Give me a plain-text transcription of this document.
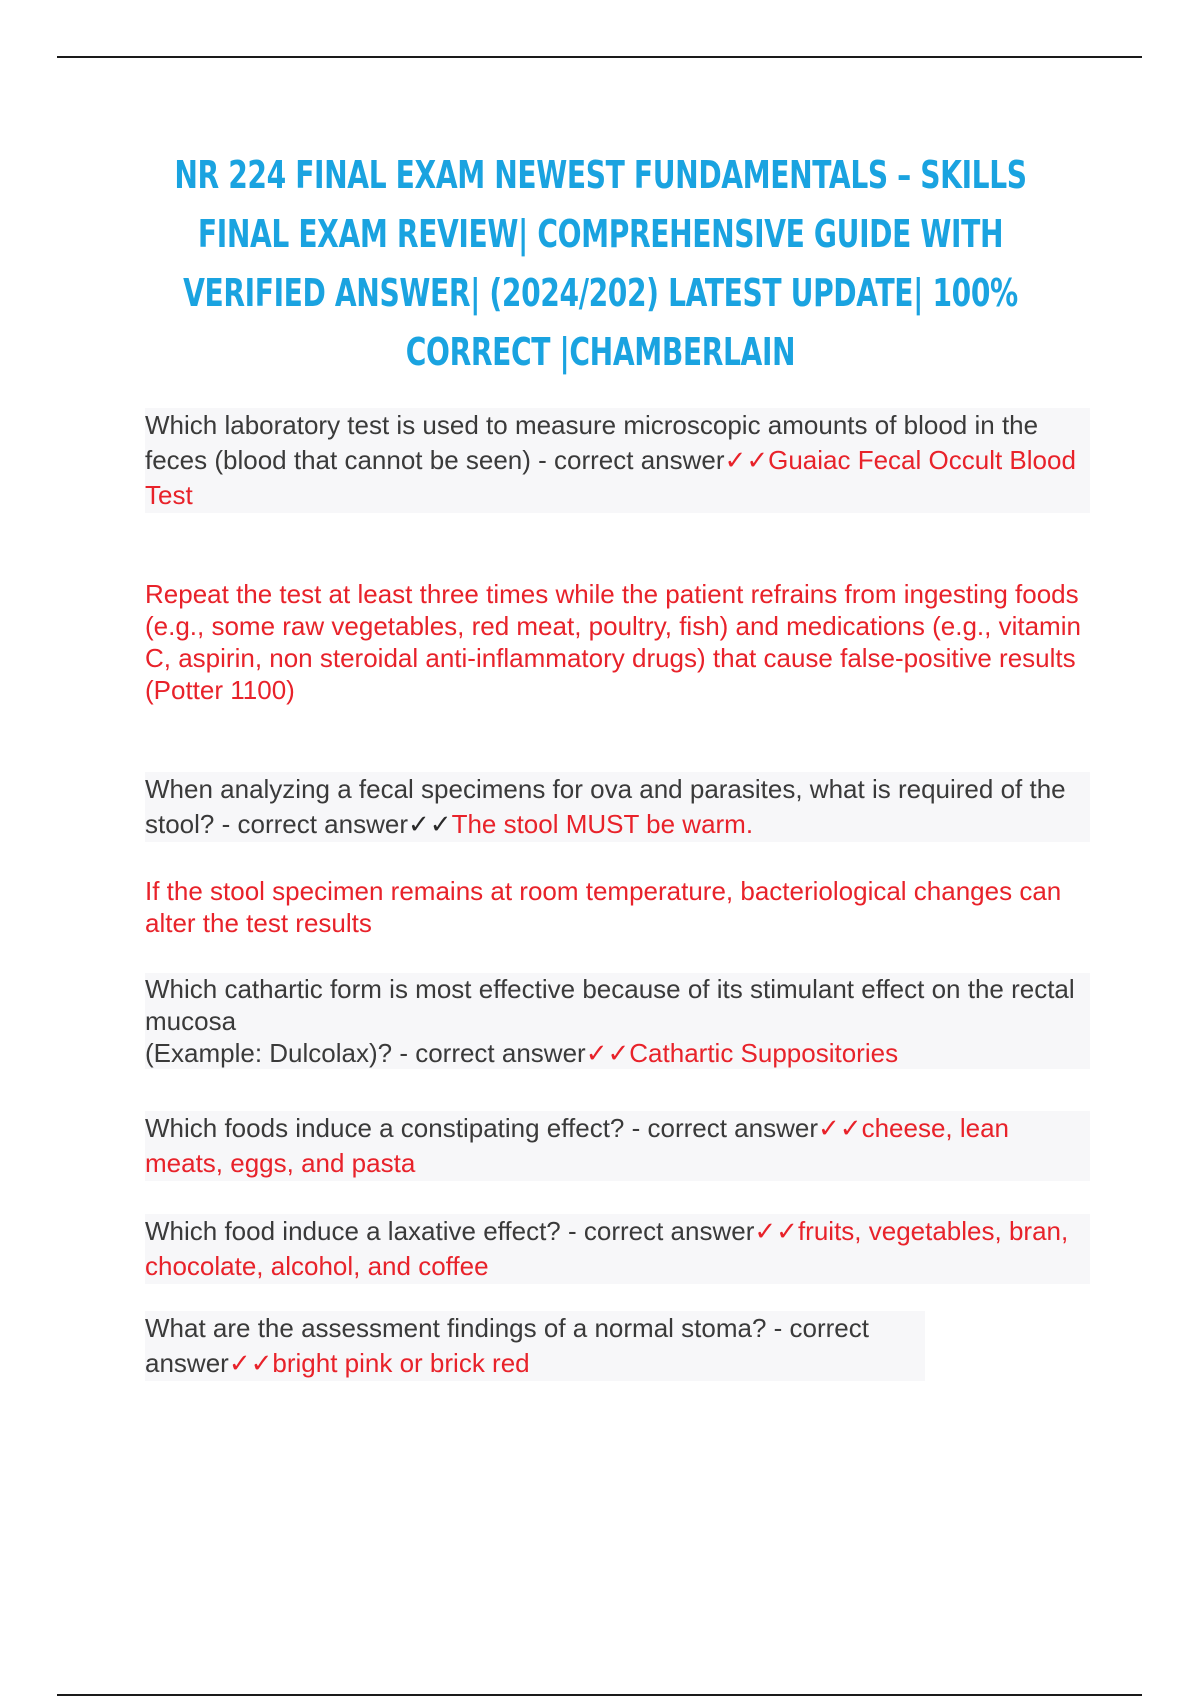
NR 224 FINAL EXAM NEWEST FUNDAMENTALS – SKILLS FINAL EXAM REVIEW| COMPREHENSIVE GUIDE WITH VERIFIED ANSWER| (2024/202) LATEST UPDATE| 100% CORRECT |CHAMBERLAIN

Which laboratory test is used to measure microscopic amounts of blood in the feces (blood that cannot be seen) - correct answer✓✓Guaiac Fecal Occult Blood Test

Repeat the test at least three times while the patient refrains from ingesting foods (e.g., some raw vegetables, red meat, poultry, fish) and medications (e.g., vitamin C, aspirin, non steroidal anti-inflammatory drugs) that cause false-positive results

(Potter 1100)

When analyzing a fecal specimens for ova and parasites, what is required of the stool? - correct answer✓✓The stool MUST be warm.

If the stool specimen remains at room temperature, bacteriological changes can alter the test results

Which cathartic form is most effective because of its stimulant effect on the rectal mucosa
(Example: Dulcolax)? - correct answer✓✓Cathartic Suppositories

Which foods induce a constipating effect? - correct answer✓✓cheese, lean meats, eggs, and pasta

Which food induce a laxative effect? - correct answer✓✓fruits, vegetables, bran, chocolate, alcohol, and coffee

What are the assessment findings of a normal stoma? - correct answer✓✓bright pink or brick red
